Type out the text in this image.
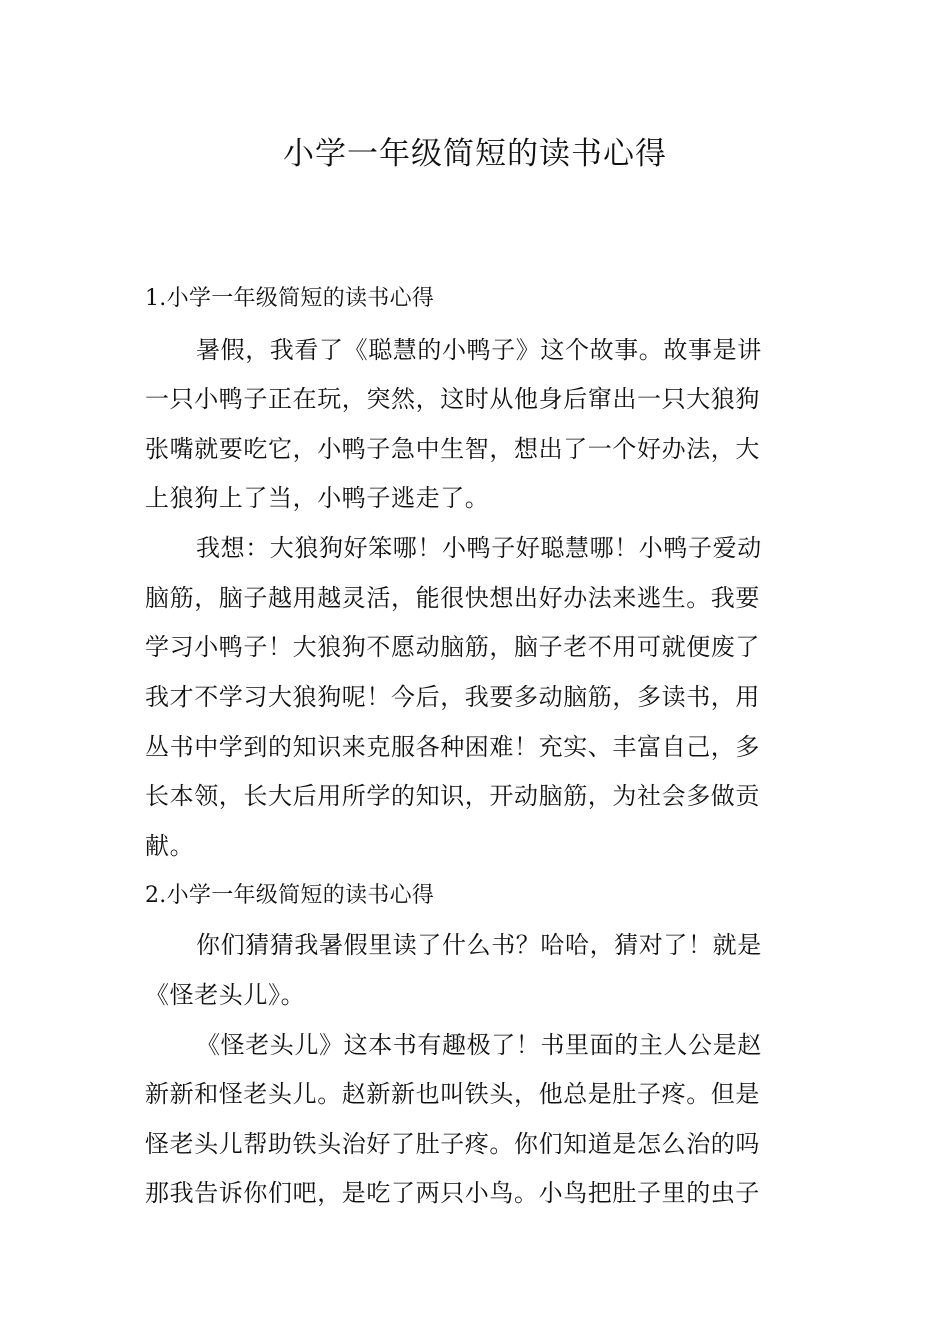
小学一年级简短的读书心得
1.小学一年级简短的读书心得
暑假，我看了《聪慧的小鸭子》这个故事。故事是讲
一只小鸭子正在玩，突然，这时从他身后窜出一只大狼狗
张嘴就要吃它，小鸭子急中生智，想出了一个好办法，大
上狼狗上了当，小鸭子逃走了。
我想：大狼狗好笨哪！小鸭子好聪慧哪！小鸭子爱动
脑筋，脑子越用越灵活，能很快想出好办法来逃生。我要
学习小鸭子！大狼狗不愿动脑筋，脑子老不用可就便废了
我才不学习大狼狗呢！今后，我要多动脑筋，多读书，用
丛书中学到的知识来克服各种困难！充实、丰富自己，多
长本领，长大后用所学的知识，开动脑筋，为社会多做贡
献。
2.小学一年级简短的读书心得
你们猜猜我暑假里读了什么书？哈哈，猜对了！就是
《怪老头儿》。
《怪老头儿》这本书有趣极了！书里面的主人公是赵
新新和怪老头儿。赵新新也叫铁头，他总是肚子疼。但是
怪老头儿帮助铁头治好了肚子疼。你们知道是怎么治的吗
那我告诉你们吧，是吃了两只小鸟。小鸟把肚子里的虫子
